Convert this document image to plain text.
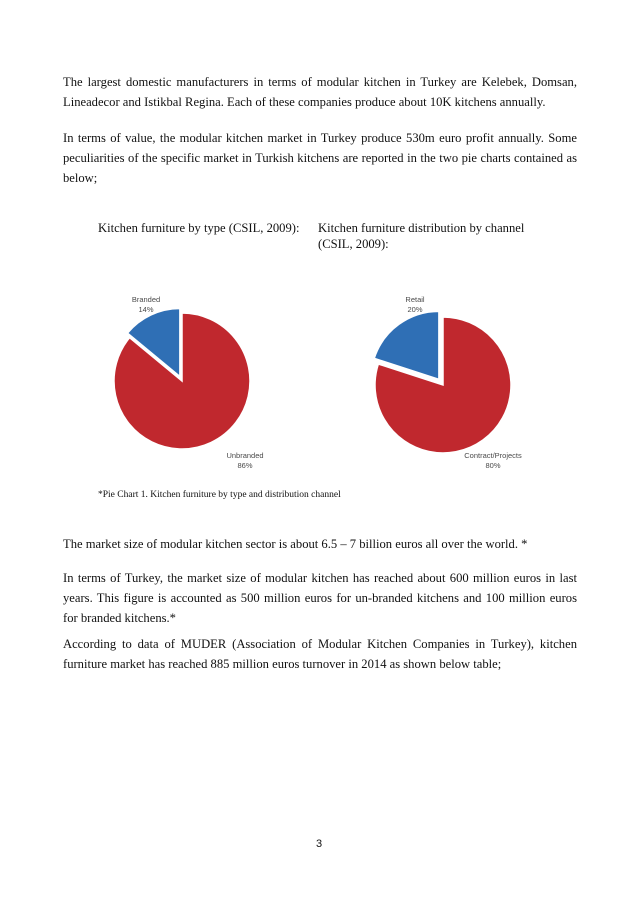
The largest domestic manufacturers in terms of modular kitchen in Turkey are Kelebek, Domsan, Lineadecor and Istikbal Regina. Each of these companies produce about 10K kitchens annually.

In terms of value, the modular kitchen market in Turkey produce 530m euro profit annually. Some peculiarities of the specific market in Turkish kitchens are reported in the two pie charts contained as below;

Kitchen furniture by type (CSIL, 2009): Kitchen furniture distribution by channel
(CSIL, 2009):
Branded
14%
Unbranded
86%
Retail
20%
Contract/Projects
80%
*Pie Chart 1. Kitchen furniture by type and distribution channel

The market size of modular kitchen sector is about 6.5 – 7 billion euros all over the world. *

In terms of Turkey, the market size of modular kitchen has reached about 600 million euros in last years. This figure is accounted as 500 million euros for un-branded kitchens and 100 million euros for branded kitchens.*

According to data of MUDER (Association of Modular Kitchen Companies in Turkey), kitchen furniture market has reached 885 million euros turnover in 2014 as shown below table;

3
